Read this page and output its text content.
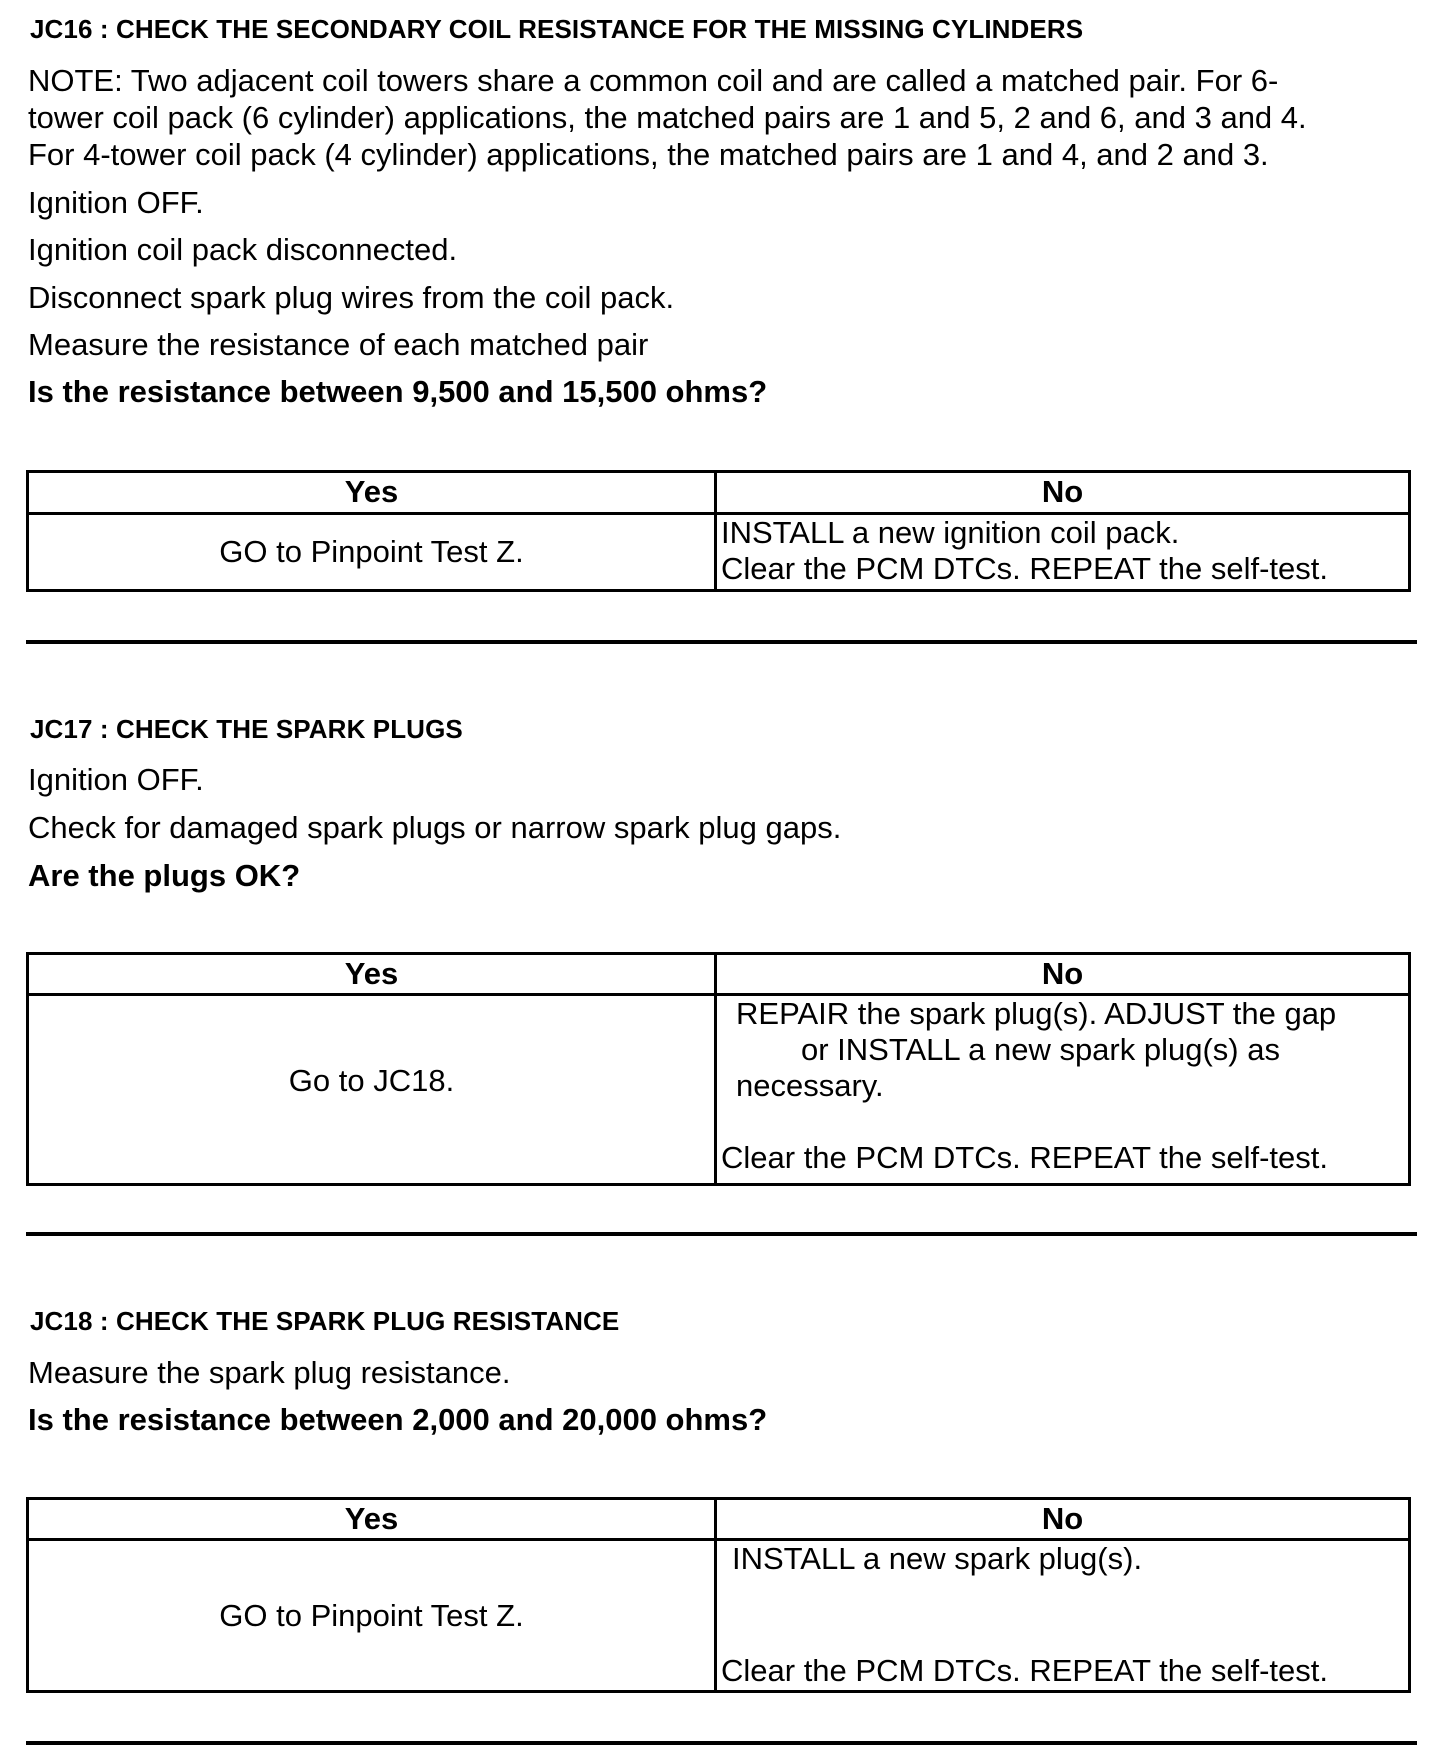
JC16 : CHECK THE SECONDARY COIL RESISTANCE FOR THE MISSING CYLINDERS
NOTE: Two adjacent coil towers share a common coil and are called a matched pair. For 6-
tower coil pack (6 cylinder) applications, the matched pairs are 1 and 5, 2 and 6, and 3 and 4.
For 4-tower coil pack (4 cylinder) applications, the matched pairs are 1 and 4, and 2 and 3.
Ignition OFF.
Ignition coil pack disconnected.
Disconnect spark plug wires from the coil pack.
Measure the resistance of each matched pair
Is the resistance between 9,500 and 15,500 ohms?
Yes	No
GO to Pinpoint Test Z.	INSTALL a new ignition coil pack.
Clear the PCM DTCs. REPEAT the self-test.
JC17 : CHECK THE SPARK PLUGS
Ignition OFF.
Check for damaged spark plugs or narrow spark plug gaps.
Are the plugs OK?
Yes	No
Go to JC18.	REPAIR the spark plug(s). ADJUST the gap
or INSTALL a new spark plug(s) as
necessary.
Clear the PCM DTCs. REPEAT the self-test.
JC18 : CHECK THE SPARK PLUG RESISTANCE
Measure the spark plug resistance.
Is the resistance between 2,000 and 20,000 ohms?
Yes	No
GO to Pinpoint Test Z.	INSTALL a new spark plug(s).
Clear the PCM DTCs. REPEAT the self-test.
